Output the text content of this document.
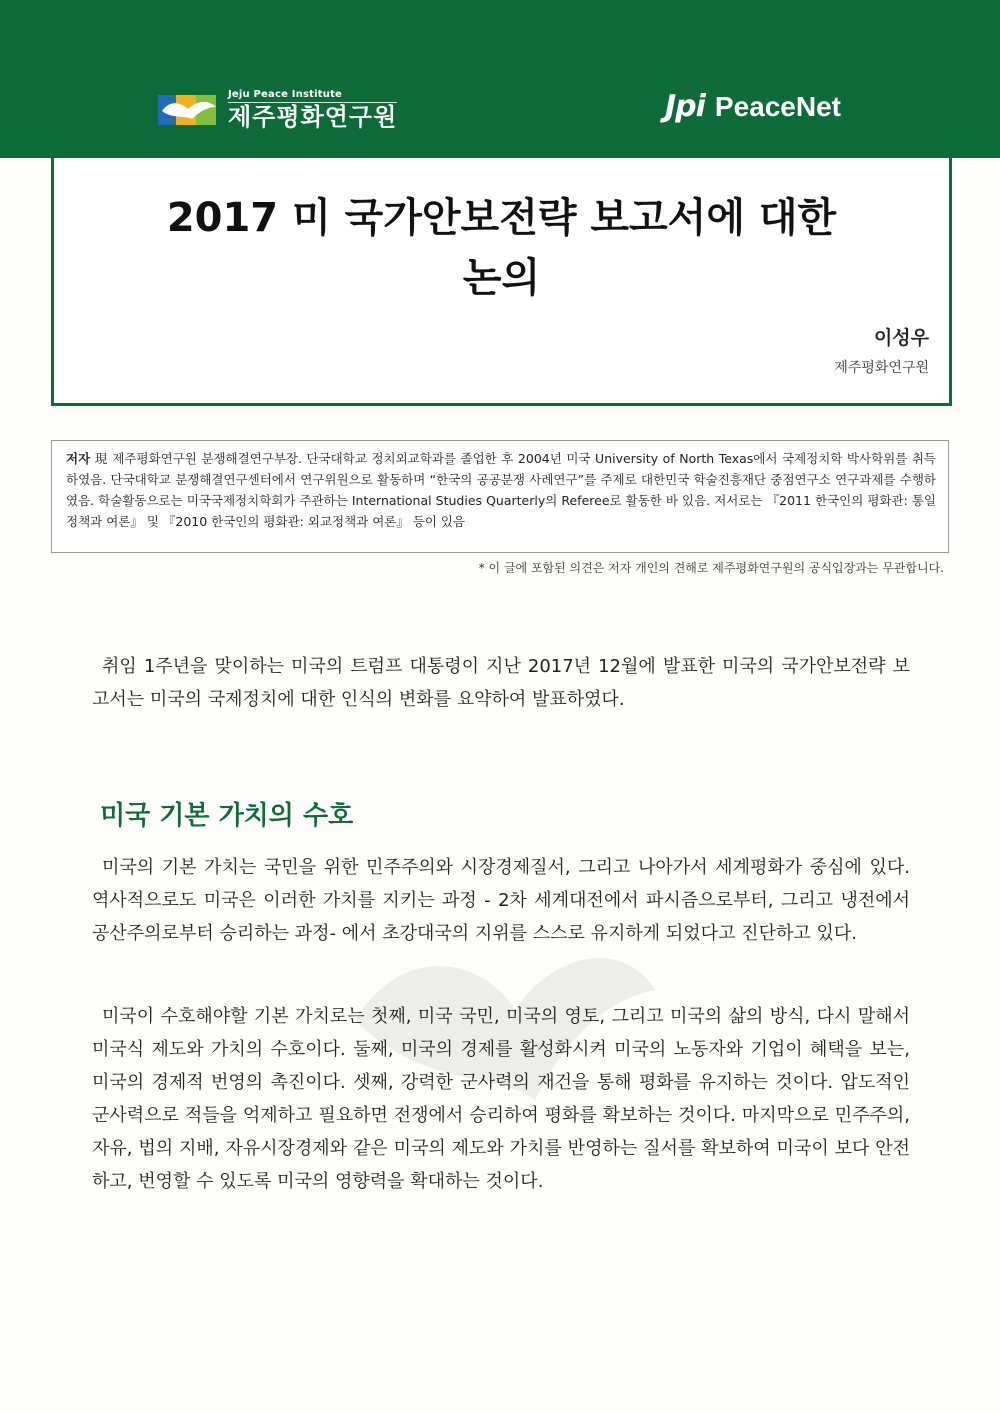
Jeju Peace Institute
제주평화연구원	Jpi PeaceNet
2017 미 국가안보전략 보고서에 대한
논의
이성우
제주평화연구원
저자 現 제주평화연구원 분쟁해결연구부장. 단국대학교 정치외교학과를 졸업한 후 2004년 미국 University of North Texas에서 국제정치학 박사학위를 취득하였음. 단국대학교 분쟁해결연구센터에서 연구위원으로 활동하며 “한국의 공공분쟁 사례연구”를 주제로 대한민국 학술진흥재단 중점연구소 연구과제를 수행하였음. 학술활동으로는 미국국제정치학회가 주관하는 International Studies Quarterly의 Referee로 활동한 바 있음. 저서로는 『2011 한국인의 평화관: 통일정책과 여론』 및 『2010 한국인의 평화관: 외교정책과 여론』 등이 있음
* 이 글에 포함된 의견은 저자 개인의 견해로 제주평화연구원의 공식입장과는 무관합니다.
취임 1주년을 맞이하는 미국의 트럼프 대통령이 지난 2017년 12월에 발표한 미국의 국가안보전략 보고서는 미국의 국제정치에 대한 인식의 변화를 요약하여 발표하였다.
미국 기본 가치의 수호
미국의 기본 가치는 국민을 위한 민주주의와 시장경제질서, 그리고 나아가서 세계평화가 중심에 있다. 역사적으로도 미국은 이러한 가치를 지키는 과정 - 2차 세계대전에서 파시즘으로부터, 그리고 냉전에서 공산주의로부터 승리하는 과정- 에서 초강대국의 지위를 스스로 유지하게 되었다고 진단하고 있다.
미국이 수호해야할 기본 가치로는 첫째, 미국 국민, 미국의 영토, 그리고 미국의 삶의 방식, 다시 말해서 미국식 제도와 가치의 수호이다. 둘째, 미국의 경제를 활성화시켜 미국의 노동자와 기업이 혜택을 보는, 미국의 경제적 번영의 촉진이다. 셋째, 강력한 군사력의 재건을 통해 평화를 유지하는 것이다. 압도적인 군사력으로 적들을 억제하고 필요하면 전쟁에서 승리하여 평화를 확보하는 것이다. 마지막으로 민주주의, 자유, 법의 지배, 자유시장경제와 같은 미국의 제도와 가치를 반영하는 질서를 확보하여 미국이 보다 안전하고, 번영할 수 있도록 미국의 영향력을 확대하는 것이다.
